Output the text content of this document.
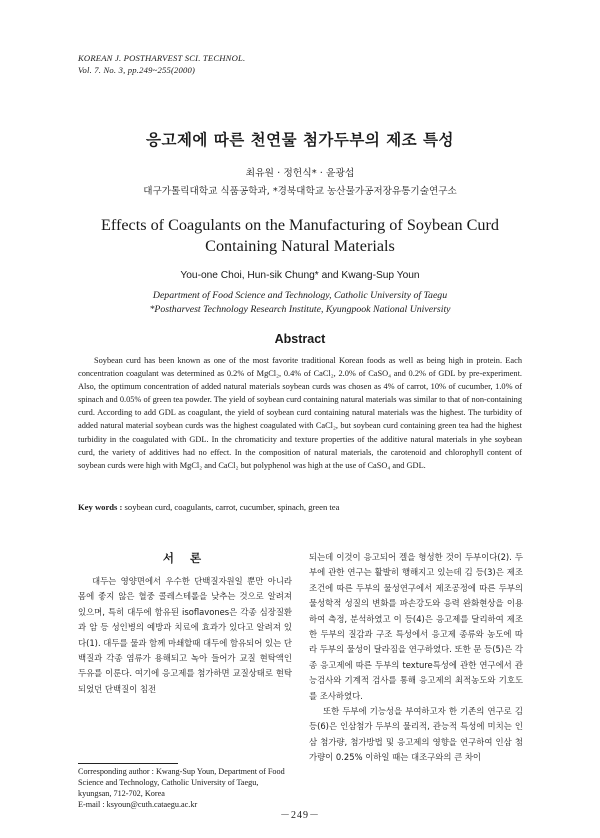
KOREAN J. POSTHARVEST SCI. TECHNOL.
Vol. 7. No. 3, pp.249~255(2000)
응고제에 따른 천연물 첨가두부의 제조 특성
최유원 · 정헌식* · 윤광섭
대구가톨릭대학교 식품공학과, *경북대학교 농산물가공저장유통기술연구소
Effects of Coagulants on the Manufacturing of Soybean Curd
Containing Natural Materials
You-one Choi, Hun-sik Chung* and Kwang-Sup Youn
Department of Food Science and Technology, Catholic University of Taegu
*Postharvest Technology Research Institute, Kyungpook National University
Abstract
Soybean curd has been known as one of the most favorite traditional Korean foods as well as being high in protein. Each concentration coagulant was determined as 0.2% of MgCl₂, 0.4% of CaCl₂, 2.0% of CaSO₄ and 0.2% of GDL by pre-experiment. Also, the optimum concentration of added natural materials soybean curds was chosen as 4% of carrot, 10% of cucumber, 1.0% of spinach and 0.05% of green tea powder. The yield of soybean curd containing natural materials was similar to that of non-containing curd. According to add GDL as coagulant, the yield of soybean curd containing natural materials was the highest. The turbidity of added natural material soybean curds was the highest coagulated with CaCl₂, but soybean curd containing green tea had the highest turbidity in the coagulated with GDL. In the chromaticity and texture properties of the additive natural materials in yhe soybean curd, the variety of additives had no effect. In the composition of natural materials, the carotenoid and chlorophyll content of soybean curds were high with MgCl₂ and CaCl₂ but polyphenol was high at the use of CaSO₄ and GDL.
Key words : soybean curd, coagulants, carrot, cucumber, spinach, green tea
서 론

대두는 영양면에서 우수한 단백질자원일 뿐만 아니라 몸에 좋지 않은 혈중 콜레스테롤을 낮추는 것으로 알려져 있으며, 특히 대두에 함유된 isoflavones은 각종 심장질환과 암 등 성인병의 예방과 치료에 효과가 있다고 알려져 있다(1). 대두를 물과 함께 마쇄할때 대두에 함유되어 있는 단백질과 각종 염류가 용해되고 녹아 들어가 교질 현탁액인 두유를 이룬다. 여기에 응고제를 첨가하면 교질상태로 현탁되었던 단백질이 침전

되는데 이것이 응고되어 겔을 형성한 것이 두부이다(2). 두부에 관한 연구는 활발히 행해지고 있는데 김 등(3)은 제조조건에 따른 두부의 물성연구에서 제조공정에 따른 두부의 물성학적 성질의 변화를 파손강도와 응력 완화현상을 이용하여 측정, 분석하였고 이 등(4)은 응고제를 달리하여 제조한 두부의 질감과 구조 특성에서 응고제 종류와 농도에 따라 두부의 물성이 달라짐을 연구하였다. 또한 문 등(5)은 각종 응고제에 따른 두부의 texture특성에 관한 연구에서 관능검사와 기계적 검사를 통해 응고제의 최적농도와 기호도를 조사하였다.

또한 두부에 기능성을 부여하고자 한 기존의 연구로 김 등(6)은 인삼첨가 두부의 물리적, 관능적 특성에 미치는 인삼 첨가량, 첨가방법 및 응고제의 영향을 연구하여 인삼 첨가량이 0.25% 이하일 때는 대조구와의 큰 차이

Corresponding author : Kwang-Sup Youn, Department of Food Science and Technology, Catholic University of Taegu, kyungsan, 712-702, Korea
E-mail : ksyoun@cuth.cataegu.ac.kr
－249－
